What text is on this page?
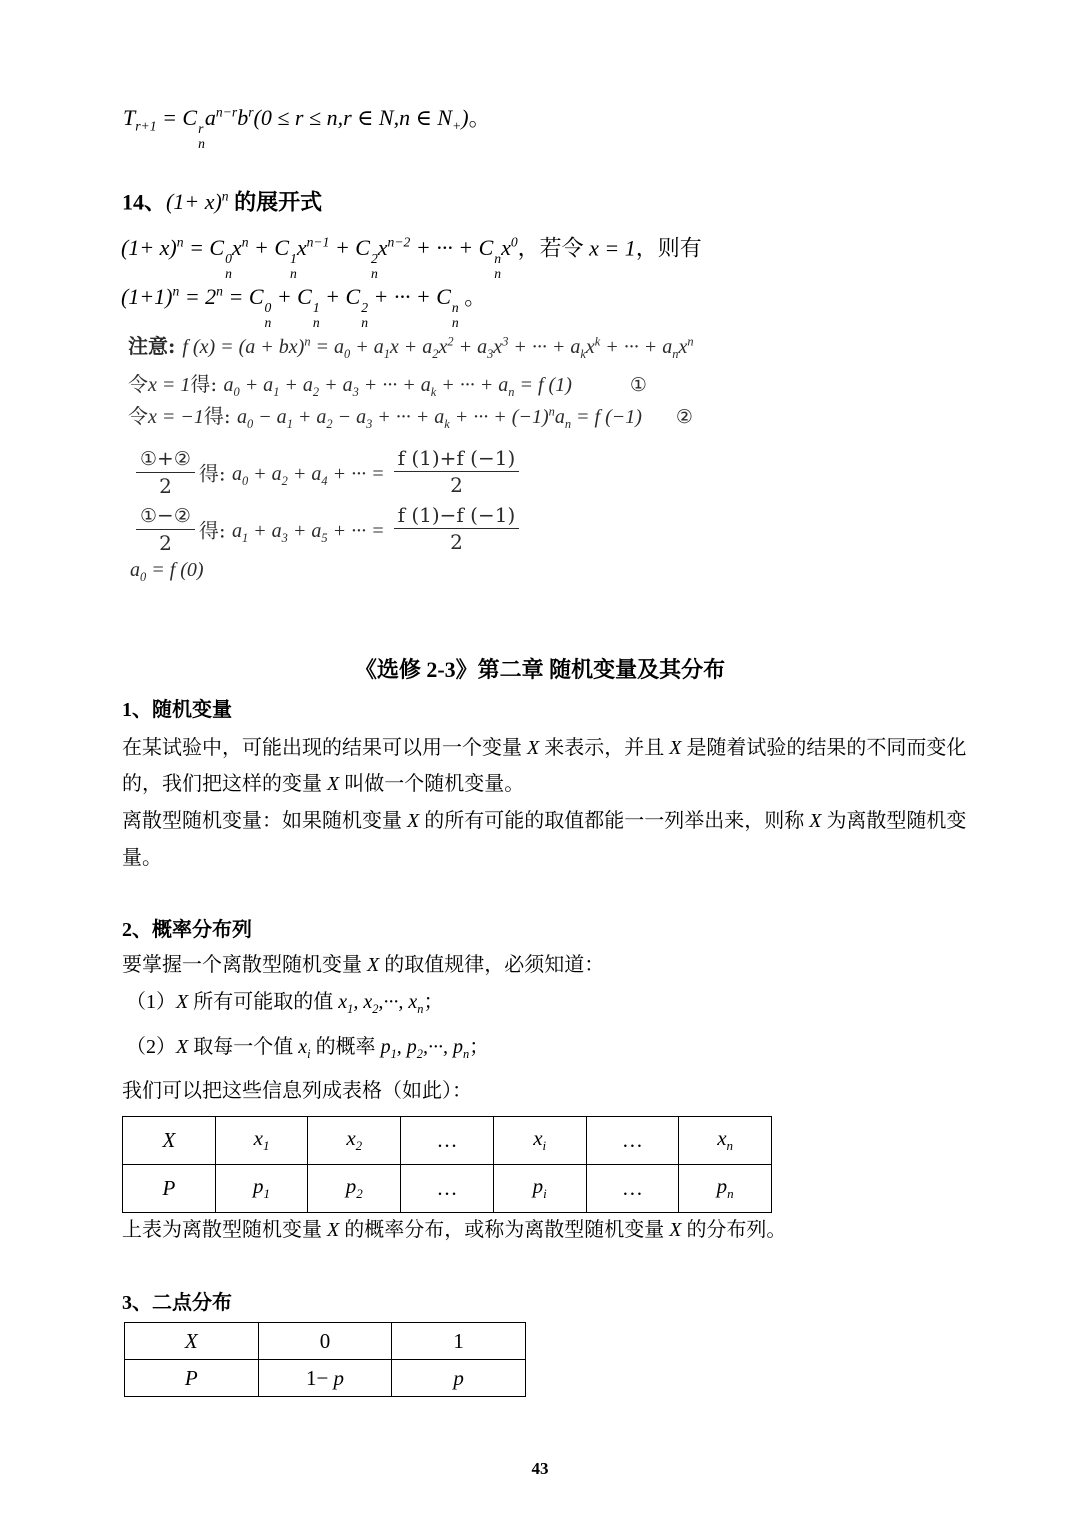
$T_{r+1} = C$ r
n
$a^{n-r}b^r(0 \le r \le n,r$ ∈ N,n ∈ $N_+$)。
14、$(1+ x)^n$ 的展开式
$(1+ x)^n = C$ 0
n
$x^n + C$ 1
n
$x^{n-1} + C$ 2
n
$x^{n-2}$ + ··· + C n
n
$x^0$，若令 x = 1，则有
$(1+1)^n = 2^n = C$ 0
n
+ C 1
n
+ C 2
n
+ ··· + C n
n
。
注意: f $(x) = (a + bx)^n = a_0 + a_1x + a_2x^2 + a_3x^3$ + ··· + $a_kx^k$ + ··· + $a_nx^n$
令x = 1得: $a_0 + a_1 + a_2 + a_3$ + ··· + $a_k$ + ··· + $a_n = f$ (1)	①
令x = −1得: $a_0 - a_1 + a_2 - a_3$ + ··· + $a_k$ + ··· + $(-1)^na_n = f$ (−1) ②
$\frac{\text{①+②}}{2}$ 得: $a_0 + a_2 + a_4$ + ··· = $\frac{f (1)+f (-1)}{2}$
$\frac{\text{①−②}}{2}$ 得: $a_1 + a_3 + a_5$ + ··· = $\frac{f (1)-f (-1)}{2}$
$a_0 = f$ (0)
《选修 2-3》第二章 随机变量及其分布
1、随机变量
在某试验中，可能出现的结果可以用一个变量 X 来表示，并且 X 是随着试验的结果的不同而变化
的，我们把这样的变量 X 叫做一个随机变量。
离散型随机变量：如果随机变量 X 的所有可能的取值都能一一列举出来，则称 X 为离散型随机变
量。
2、概率分布列
要掌握一个离散型随机变量 X 的取值规律，必须知道：
（1）X 所有可能取的值 $x_1$, $x_2,\cdot\cdot\cdot$, $x_n$；
（2）X 取每一个值 $x_i$ 的概率 $p_1$, $p_2,\cdot\cdot\cdot$, $p_n$；
我们可以把这些信息列成表格（如此）：
X	$x_1$	$x_2$	…	$x_i$	…	$x_n$
P	$p_1$	$p_2$	…	$p_i$	…	$p_n$
上表为离散型随机变量 X 的概率分布，或称为离散型随机变量 X 的分布列。
3、二点分布
X	0	1
P	1− p	p
43
